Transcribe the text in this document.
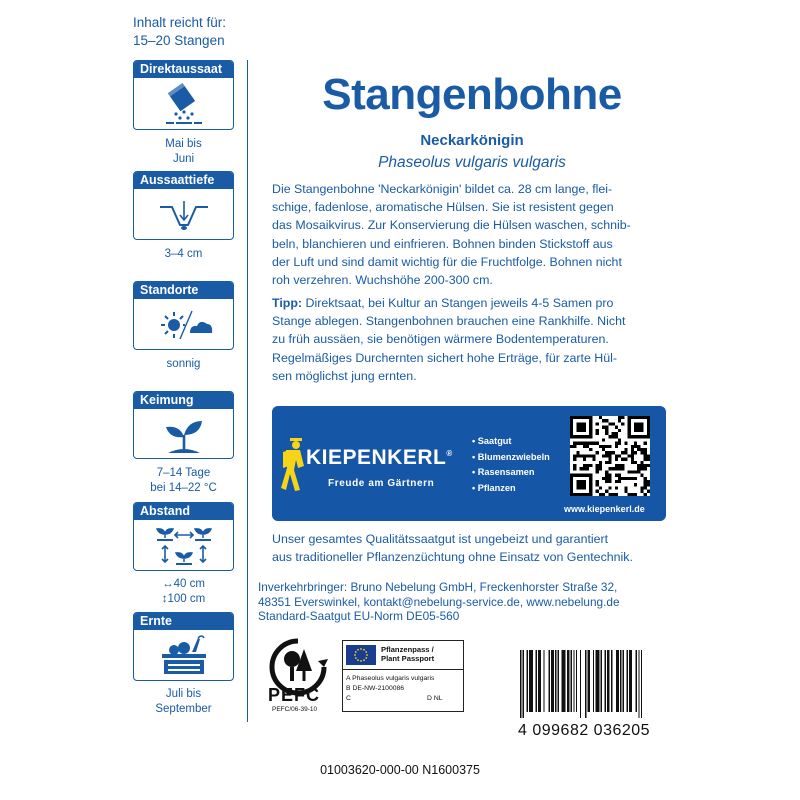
Inhalt reicht für:
15–20 Stangen
Direktaussaat
Mai bis
Juni
Aussaattiefe
3–4 cm
Standorte
sonnig
Keimung
7–14 Tage
bei 14–22 °C
Abstand
↔40 cm
↕100 cm
Ernte
Juli bis
September
Stangenbohne
Neckarkönigin
Phaseolus vulgaris vulgaris
Die Stangenbohne 'Neckarkönigin' bildet ca. 28 cm lange, flei-
schige, fadenlose, aromatische Hülsen. Sie ist resistent gegen
das Mosaikvirus. Zur Konservierung die Hülsen waschen, schnib-
beln, blanchieren und einfrieren. Bohnen binden Stickstoff aus
der Luft und sind damit wichtig für die Fruchtfolge. Bohnen nicht
roh verzehren. Wuchshöhe 200-300 cm.
Tipp: Direktsaat, bei Kultur an Stangen jeweils 4-5 Samen pro
Stange ablegen. Stangenbohnen brauchen eine Rankhilfe. Nicht
zu früh aussäen, sie benötigen wärmere Bodentemperaturen.
Regelmäßiges Durchernten sichert hohe Erträge, für zarte Hül-
sen möglichst jung ernten.
KIEPENKERL®
Freude am Gärtnern
• Saatgut
• Blumenzwiebeln
• Rasensamen
• Pflanzen
www.kiepenkerl.de
Unser gesamtes Qualitätssaatgut ist ungebeizt und garantiert
aus traditioneller Pflanzenzüchtung ohne Einsatz von Gentechnik.
Inverkehrbringer: Bruno Nebelung GmbH, Freckenhorster Straße 32,
48351 Everswinkel, kontakt@nebelung-service.de, www.nebelung.de
Standard-Saatgut EU-Norm DE05-560
PEFC
PEFC/06-39-10
Pflanzenpass /
Plant Passport
A Phaseolus vulgaris vulgaris
B DE-NW-2100086
C	D NL
4 099682 036205
01003620-000-00 N1600375
